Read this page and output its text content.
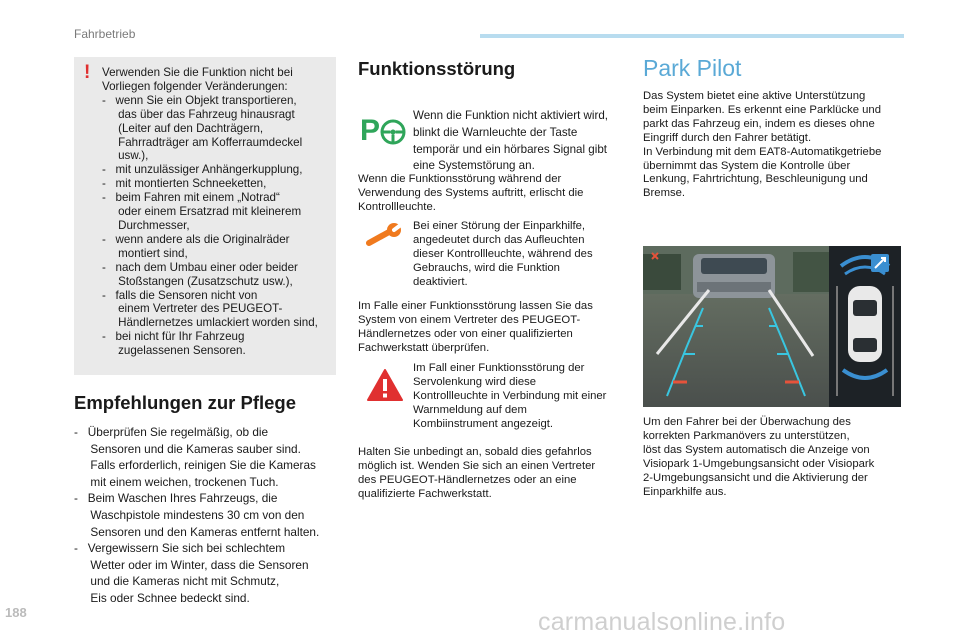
Fahrbetrieb
! Verwenden Sie die Funktion nicht bei
Vorliegen folgender Veränderungen:
-   wenn Sie ein Objekt transportieren,
das über das Fahrzeug hinausragt
(Leiter auf den Dachträgern,
Fahrradträger am Kofferraumdeckel
usw.),
-   mit unzulässiger Anhängerkupplung,
-   mit montierten Schneeketten,
-   beim Fahren mit einem „Notrad“
oder einem Ersatzrad mit kleinerem
Durchmesser,
-   wenn andere als die Originalräder
montiert sind,
-   nach dem Umbau einer oder beider
Stoßstangen (Zusatzschutz usw.),
-   falls die Sensoren nicht von
einem Vertreter des PEUGEOT-
Händlernetzes umlackiert worden sind,
-   bei nicht für Ihr Fahrzeug
zugelassenen Sensoren.
Empfehlungen zur Pflege
-   Überprüfen Sie regelmäßig, ob die
Sensoren und die Kameras sauber sind.
Falls erforderlich, reinigen Sie die Kameras
mit einem weichen, trockenen Tuch.
-   Beim Waschen Ihres Fahrzeugs, die
Waschpistole mindestens 30 cm von den
Sensoren und den Kameras entfernt halten.
-   Vergewissern Sie sich bei schlechtem
Wetter oder im Winter, dass die Sensoren
und die Kameras nicht mit Schmutz,
Eis oder Schnee bedeckt sind.
Funktionsstörung
P	Wenn die Funktion nicht aktiviert wird, blinkt die Warnleuchte der Taste temporär und ein hörbares Signal gibt eine Systemstörung an.
Wenn die Funktionsstörung während der Verwendung des Systems auftritt, erlischt die Kontrollleuchte.
Bei einer Störung der Einparkhilfe, angedeutet durch das Aufleuchten dieser Kontrollleuchte, während des Gebrauchs, wird die Funktion deaktiviert.
Im Falle einer Funktionsstörung lassen Sie das System von einem Vertreter des PEUGEOT-Händlernetzes oder von einer qualifizierten Fachwerkstatt überprüfen.
Im Fall einer Funktionsstörung der Servolenkung wird diese Kontrollleuchte in Verbindung mit einer Warnmeldung auf dem Kombiinstrument angezeigt.
Halten Sie unbedingt an, sobald dies gefahrlos möglich ist. Wenden Sie sich an einen Vertreter des PEUGEOT-Händlernetzes oder an eine qualifizierte Fachwerkstatt.
Park Pilot
Das System bietet eine aktive Unterstützung
beim Einparken. Es erkennt eine Parklücke und
parkt das Fahrzeug ein, indem es dieses ohne
Eingriff durch den Fahrer betätigt.
In Verbindung mit dem EAT8-Automatikgetriebe
übernimmt das System die Kontrolle über
Lenkung, Fahrtrichtung, Beschleunigung und
Bremse.
Um den Fahrer bei der Überwachung des
korrekten Parkmanövers zu unterstützen,
löst das System automatisch die Anzeige von
Visiopark 1-Umgebungsansicht oder Visiopark
2-Umgebungsansicht und die Aktivierung der
Einparkhilfe aus.
188	carmanualsonline.info
